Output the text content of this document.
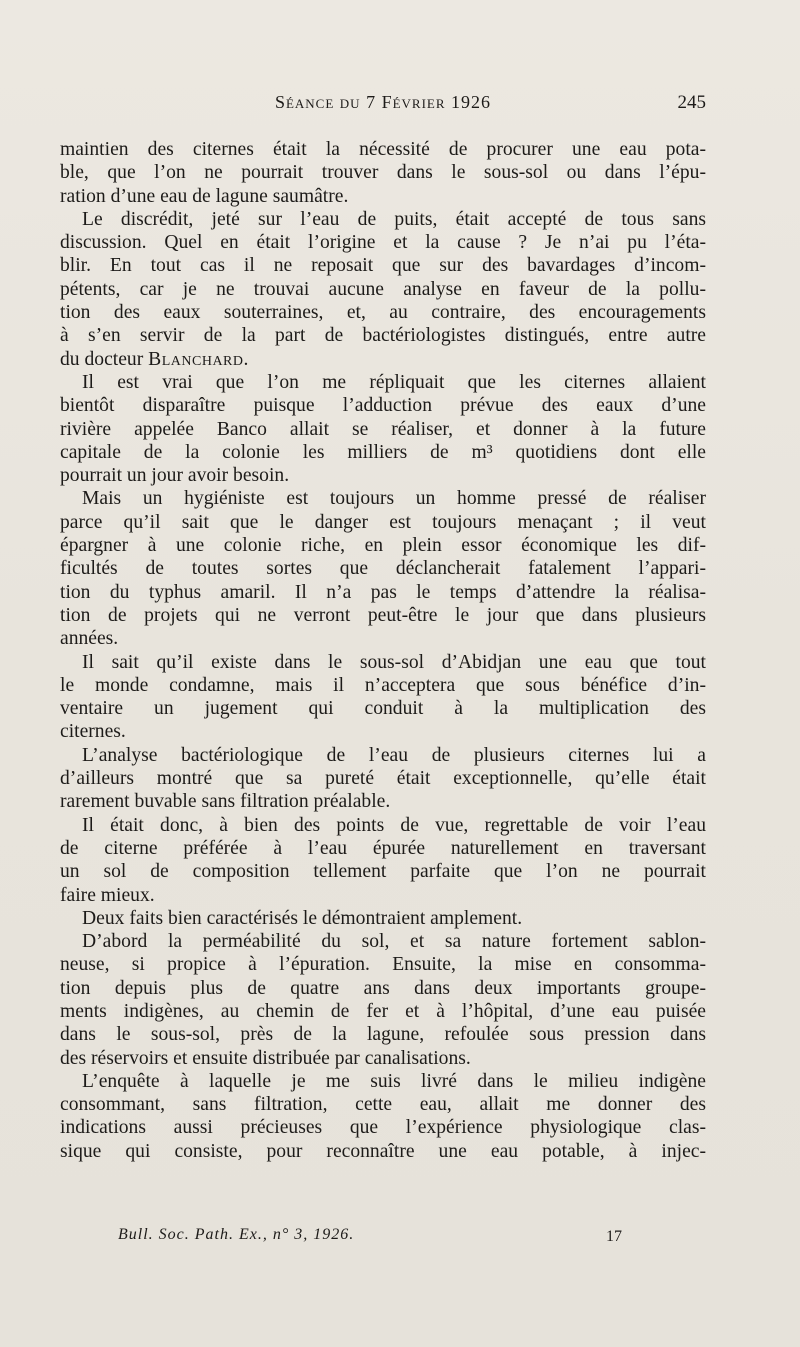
Séance du 7 Février 1926	245
maintien des citernes était la nécessité de procurer une eau pota-
ble, que l’on ne pourrait trouver dans le sous-sol ou dans l’épu-
ration d’une eau de lagune saumâtre.
Le discrédit, jeté sur l’eau de puits, était accepté de tous sans
discussion. Quel en était l’origine et la cause ? Je n’ai pu l’éta-
blir. En tout cas il ne reposait que sur des bavardages d’incom-
pétents, car je ne trouvai aucune analyse en faveur de la pollu-
tion des eaux souterraines, et, au contraire, des encouragements
à s’en servir de la part de bactériologistes distingués, entre autre
du docteur Blanchard.
Il est vrai que l’on me répliquait que les citernes allaient
bientôt disparaître puisque l’adduction prévue des eaux d’une
rivière appelée Banco allait se réaliser, et donner à la future
capitale de la colonie les milliers de m³ quotidiens dont elle
pourrait un jour avoir besoin.
Mais un hygiéniste est toujours un homme pressé de réaliser
parce qu’il sait que le danger est toujours menaçant ; il veut
épargner à une colonie riche, en plein essor économique les dif-
ficultés de toutes sortes que déclancherait fatalement l’appari-
tion du typhus amaril. Il n’a pas le temps d’attendre la réalisa-
tion de projets qui ne verront peut-être le jour que dans plusieurs
années.
Il sait qu’il existe dans le sous-sol d’Abidjan une eau que tout
le monde condamne, mais il n’acceptera que sous bénéfice d’in-
ventaire un jugement qui conduit à la multiplication des
citernes.
L’analyse bactériologique de l’eau de plusieurs citernes lui a
d’ailleurs montré que sa pureté était exceptionnelle, qu’elle était
rarement buvable sans filtration préalable.
Il était donc, à bien des points de vue, regrettable de voir l’eau
de citerne préférée à l’eau épurée naturellement en traversant
un sol de composition tellement parfaite que l’on ne pourrait
faire mieux.
Deux faits bien caractérisés le démontraient amplement.
D’abord la perméabilité du sol, et sa nature fortement sablon-
neuse, si propice à l’épuration. Ensuite, la mise en consomma-
tion depuis plus de quatre ans dans deux importants groupe-
ments indigènes, au chemin de fer et à l’hôpital, d’une eau puisée
dans le sous-sol, près de la lagune, refoulée sous pression dans
des réservoirs et ensuite distribuée par canalisations.
L’enquête à laquelle je me suis livré dans le milieu indigène
consommant, sans filtration, cette eau, allait me donner des
indications aussi précieuses que l’expérience physiologique clas-
sique qui consiste, pour reconnaître une eau potable, à injec-
Bull. Soc. Path. Ex., n° 3, 1926.	17
